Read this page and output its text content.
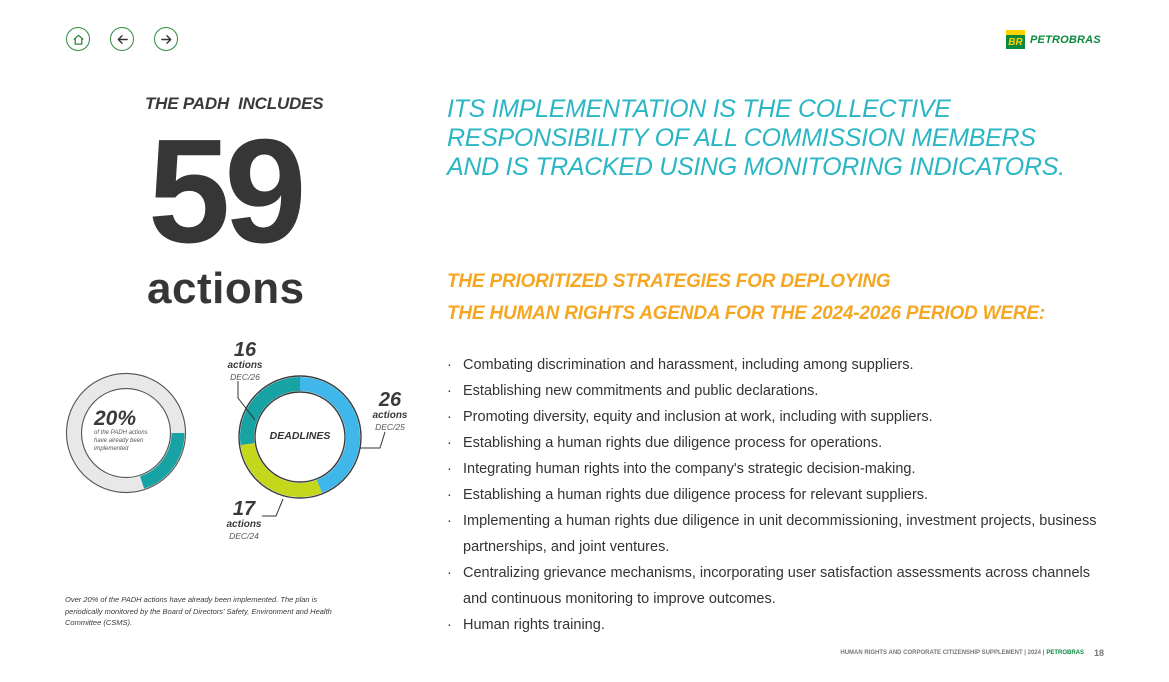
BR PETROBRAS
THE PADH  INCLUDES
59
actions
20%
of the PADH actions have already been implemented
DEADLINES
16
actions
DEC/26
26
actions
DEC/25
17
actions
DEC/24
Over 20% of the PADH actions have already been implemented. The plan is periodically monitored by the Board of Directors' Safety, Environment and Health Committee (CSMS).
ITS IMPLEMENTATION IS THE COLLECTIVE
RESPONSIBILITY OF ALL COMMISSION MEMBERS
AND IS TRACKED USING MONITORING INDICATORS.
THE PRIORITIZED STRATEGIES FOR DEPLOYING
THE HUMAN RIGHTS AGENDA FOR THE 2024-2026 PERIOD WERE:
· Combating discrimination and harassment, including among suppliers.
· Establishing new commitments and public declarations.
· Promoting diversity, equity and inclusion at work, including with suppliers.
· Establishing a human rights due diligence process for operations.
· Integrating human rights into the company's strategic decision-making.
· Establishing a human rights due diligence process for relevant suppliers.
· Implementing a human rights due diligence in unit decommissioning, investment projects, business partnerships, and joint ventures.
· Centralizing grievance mechanisms, incorporating user satisfaction assessments across channels and continuous monitoring to improve outcomes.
· Human rights training.
HUMAN RIGHTS AND CORPORATE CITIZENSHIP SUPPLEMENT | 2024 | PETROBRAS 18
